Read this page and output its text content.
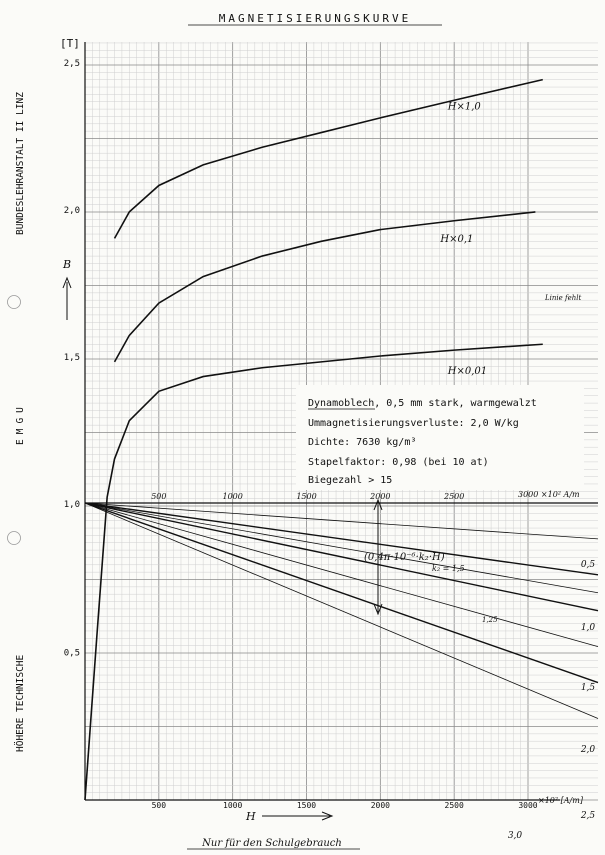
H×1,0
H×0,1
H×0,01
2,5
2,0
1,5
1,0
0,5
500	1000	1500	2000	2500
500	1000	1500	2000	2500	3000
0,5
1,0
1,5
2,0
2,5
3,0
MAGNETISIERUNGSKURVE
BUNDESLEHRANSTALT II LINZ
EMGU
HÖHERE TECHNISCHE
[T]
B
H
3000 ×10² A/m
×10² [A/m]
Dynamoblech, 0,5 mm stark, warmgewalzt
Ummagnetisierungsverluste: 2,0 W/kg
Dichte: 7630 kg/m³
Stapelfaktor: 0,98 (bei 10 at)
Biegezahl > 15
(0,4π·10⁻⁶·k₂·H)
k₂ = 1,5
Linie fehlt
1,25
Nur für den Schulgebrauch
